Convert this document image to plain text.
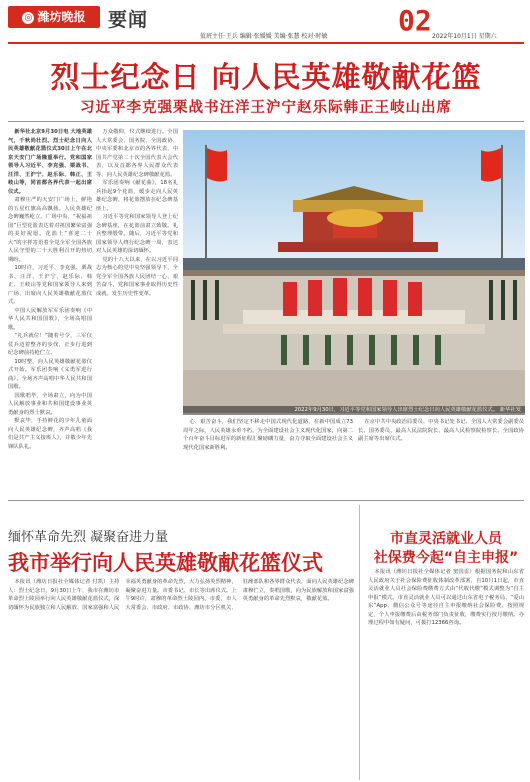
◎ 潍坊晚报	要闻	02
值班主任·王兵 编辑·张媛媛 美编·张慧 校对·时敏	2022年10月1日 星期六
烈士纪念日 向人民英雄敬献花篮
习近平李克强栗战书汪洋王沪宁赵乐际韩正王岐山出席

新华社北京9月30日电 大地英雄气，千秋尚壮烈。烈士纪念日向人民英雄敬献花篮仪式30日上午在北京天安门广场隆重举行。党和国家领导人习近平、李克强、栗战书、汪洋、王沪宁、赵乐际、韩正、王岐山等，同首都各界代表一起出席仪式。

肃穆庄严的天安门广场上，鲜艳的五星红旗高高飘扬。人民英雄纪念碑巍然屹立。广场中央，“祝福祖国”巨型花篮表达着对祖国繁荣富强的美好祝愿。花篮上“喜迎二十大”的字样寄语着全党全军全国各族人民守望的二十大胜利召开的热切期盼。

10时许，习近平、李克强、栗战书、汪洋、王沪宁、赵乐际、韩正、王岐山等党和国家领导人来到广场，出席向人民英雄敬献花篮仪式。

中国人民解放军军乐团奏响《中华人民共和国国歌》，全场高唱国歌。

“礼兵就位！”随着号令，三军仪仗兵迈着整齐的步伐，正步行进到纪念碑前持枪伫立。

10时整，向人民英雄敬献花篮仪式开始。军乐团奏响《义勇军进行曲》，全场齐声高唱中华人民共和国国歌。

国歌唱毕，全场肃立，向为中国人民解放事业和共和国建设事业英勇献身的烈士默哀。

默哀毕，手持鲜花的少年儿童面向人民英雄纪念碑，齐声高唱《我们是共产主义接班人》，并敬少年先锋队队礼。

万众敬仰，仪式继续进行。全国人大常委会、国务院、全国政协、中央军委和北京市的各界代表，中国共产党第二十次全国代表大会代表，以及首都各界人民群众代表等，向人民英雄纪念碑敬献花篮。

军乐团奏响《献花曲》，18名礼兵抬起9个花篮，缓步走向人民英雄纪念碑，将花篮摆放在纪念碑基座上。

习近平等党和国家领导人登上纪念碑基座，在花篮前肃立致敬。礼兵整理缎带。随后，习近平等党和国家领导人绕行纪念碑一周，表达对人民英雄的深切缅怀。

党的十八大以来，在以习近平同志为核心的党中央坚强领导下，全党全军全国各族人民团结一心、艰苦奋斗，党和国家事业取得历史性成就、发生历史性变革。

2022年9月30日，习近平等党和国家领导人出席烈士纪念日向人民英雄敬献花篮仪式。 新华社发

心、艰苦奋斗，我们坚定不移走中国式现代化道路，在新中国成立73周年之际，人民英雄永垂不朽，为全面建设社会主义现代化国家，向第二个百年奋斗目标进军的新征程汇聚磅礴力量，奋力夺取全面建设社会主义现代化国家新胜利。

在京中共中央政治局委员、中央书记处书记、全国人大常委会副委员长、国务委员、最高人民法院院长、最高人民检察院检察长、全国政协副主席等出席仪式。

缅怀革命先烈 凝聚奋进力量
我市举行向人民英雄敬献花篮仪式

本报讯（潍坊日报社全媒体记者 付凯）主持人：烈士纪念日，9月30日上午，我市在潍坊市革命烈士陵园举行向人民英雄敬献花篮仪式，深切缅怀为民族独立和人民解放、国家富强和人民幸福英勇献身的革命先烈，大力弘扬英烈精神，凝聚奋进力量。市委书记、市长等出席仪式。上午9时许，肃穆的革命烈士陵园内，市委、市人大常委会、市政府、市政协、潍坊市分区机关、驻潍部队和各界群众代表，面向人民英雄纪念碑肃穆伫立，奏唱国歌，向为民族解放和国家富强英勇献身的革命先烈默哀，敬献花篮。

市直灵活就业人员
社保费今起“自主申报”

本报讯（潍坊日报社全媒体记者 窦国雷）根据国务院和山东省人民政府关于社会保险费征收体制改革部署，自10月1日起，市直灵活就业人员社会保险费缴费方式由“代收代缴”模式调整为“自主申报”模式。市直灵活就业人员可以通过山东省电子税务局、“爱山东”App、微信公众号等途径自主申报缴纳社会保险费。按照规定，个人申报缴费后由税务部门负责征收，缴费实行按月缴纳。办理过程中如有疑问，可拨打12366咨询。
